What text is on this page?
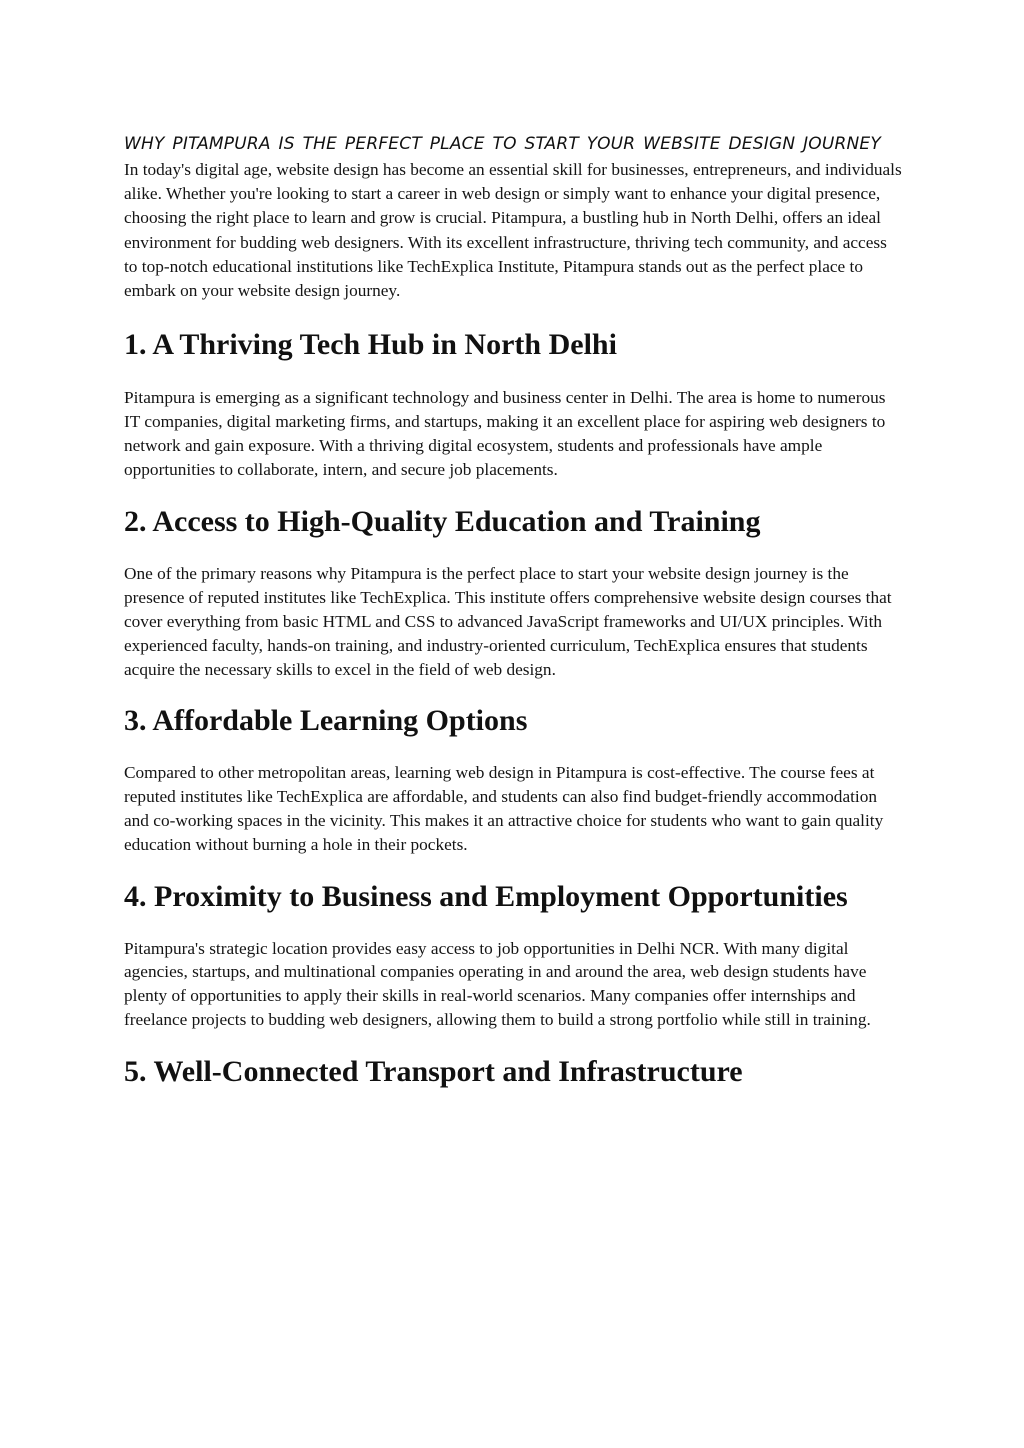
why pitampura is the perfect place to start your website design journey

In today's digital age, website design has become an essential skill for businesses, entrepreneurs, and individuals alike. Whether you're looking to start a career in web design or simply want to enhance your digital presence, choosing the right place to learn and grow is crucial. Pitampura, a bustling hub in North Delhi, offers an ideal environment for budding web designers. With its excellent infrastructure, thriving tech community, and access to top-notch educational institutions like TechExplica Institute, Pitampura stands out as the perfect place to embark on your website design journey.

1. A Thriving Tech Hub in North Delhi

Pitampura is emerging as a significant technology and business center in Delhi. The area is home to numerous IT companies, digital marketing firms, and startups, making it an excellent place for aspiring web designers to network and gain exposure. With a thriving digital ecosystem, students and professionals have ample opportunities to collaborate, intern, and secure job placements.

2. Access to High-Quality Education and Training

One of the primary reasons why Pitampura is the perfect place to start your website design journey is the presence of reputed institutes like TechExplica. This institute offers comprehensive website design courses that cover everything from basic HTML and CSS to advanced JavaScript frameworks and UI/UX principles. With experienced faculty, hands-on training, and industry-oriented curriculum, TechExplica ensures that students acquire the necessary skills to excel in the field of web design.

3. Affordable Learning Options

Compared to other metropolitan areas, learning web design in Pitampura is cost-effective. The course fees at reputed institutes like TechExplica are affordable, and students can also find budget-friendly accommodation and co-working spaces in the vicinity. This makes it an attractive choice for students who want to gain quality education without burning a hole in their pockets.

4. Proximity to Business and Employment Opportunities

Pitampura's strategic location provides easy access to job opportunities in Delhi NCR. With many digital agencies, startups, and multinational companies operating in and around the area, web design students have plenty of opportunities to apply their skills in real-world scenarios. Many companies offer internships and freelance projects to budding web designers, allowing them to build a strong portfolio while still in training.

5. Well-Connected Transport and Infrastructure
